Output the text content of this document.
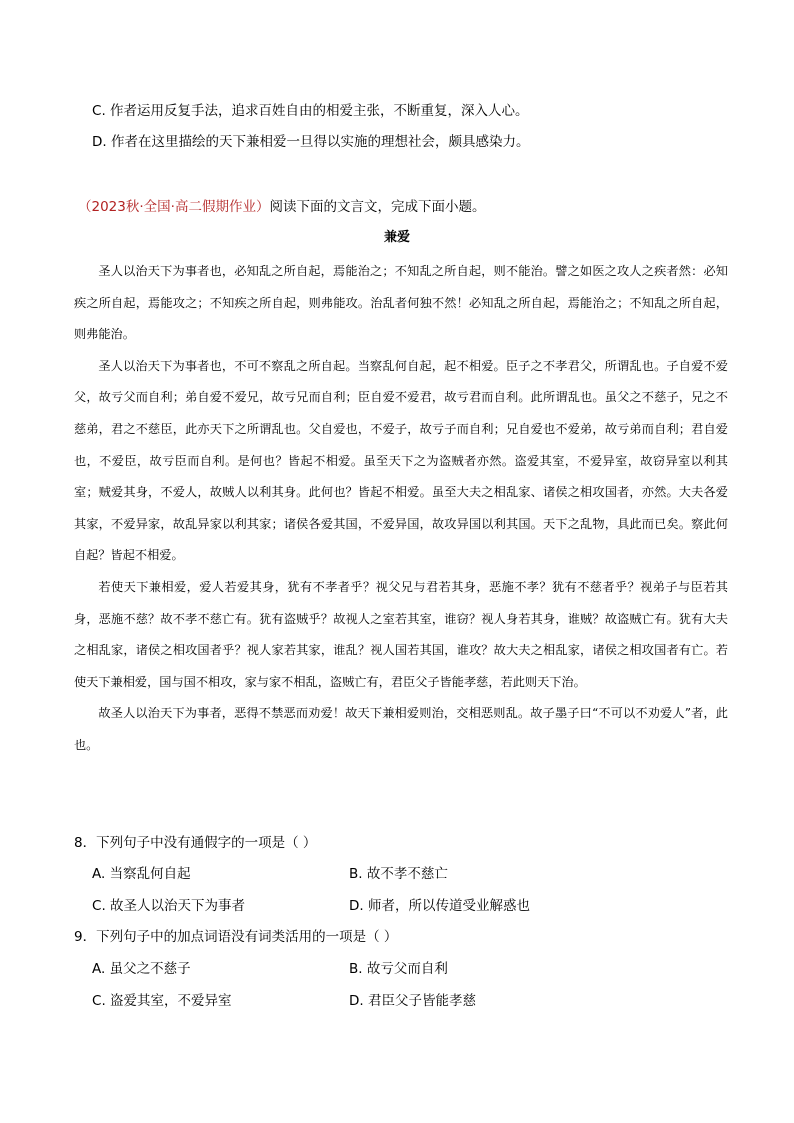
C. 作者运用反复手法，追求百姓自由的相爱主张，不断重复，深入人心。
D. 作者在这里描绘的天下兼相爱一旦得以实施的理想社会，颇具感染力。
（2023秋·全国·高二假期作业）阅读下面的文言文，完成下面小题。
兼爱

圣人以治天下为事者也，必知乱之所自起，焉能治之；不知乱之所自起，则不能治。譬之如医之攻人之疾者然：必知疾之所自起，焉能攻之；不知疾之所自起，则弗能攻。治乱者何独不然！必知乱之所自起，焉能治之；不知乱之所自起，则弗能治。

圣人以治天下为事者也，不可不察乱之所自起。当察乱何自起，起不相爱。臣子之不孝君父，所谓乱也。子自爱不爱父，故亏父而自利；弟自爱不爱兄，故亏兄而自利；臣自爱不爱君，故亏君而自利。此所谓乱也。虽父之不慈子，兄之不慈弟，君之不慈臣，此亦天下之所谓乱也。父自爱也，不爱子，故亏子而自利；兄自爱也不爱弟，故亏弟而自利；君自爱也，不爱臣，故亏臣而自利。是何也？皆起不相爱。虽至天下之为盗贼者亦然。盗爱其室，不爱异室，故窃异室以利其室；贼爱其身，不爱人，故贼人以利其身。此何也？皆起不相爱。虽至大夫之相乱家、诸侯之相攻国者，亦然。大夫各爱其家，不爱异家，故乱异家以利其家；诸侯各爱其国，不爱异国，故攻异国以利其国。天下之乱物，具此而已矣。察此何自起？皆起不相爱。

若使天下兼相爱，爱人若爱其身，犹有不孝者乎？视父兄与君若其身，恶施不孝？犹有不慈者乎？视弟子与臣若其身，恶施不慈？故不孝不慈亡有。犹有盗贼乎？故视人之室若其室，谁窃？视人身若其身，谁贼？故盗贼亡有。犹有大夫之相乱家，诸侯之相攻国者乎？视人家若其家，谁乱？视人国若其国，谁攻？故大夫之相乱家，诸侯之相攻国者有亡。若使天下兼相爱，国与国不相攻，家与家不相乱，盗贼亡有，君臣父子皆能孝慈，若此则天下治。

故圣人以治天下为事者，恶得不禁恶而劝爱！故天下兼相爱则治，交相恶则乱。故子墨子曰“不可以不劝爱人”者，此也。

8．下列句子中没有通假字的一项是（ ）
A. 当察乱何自起	B. 故不孝不慈亡
C. 故圣人以治天下为事者	D. 师者，所以传道受业解惑也
9．下列句子中的加点词语没有词类活用的一项是（ ）
A. 虽父之不慈子	B. 故亏父而自利
C. 盗爱其室，不爱异室	D. 君臣父子皆能孝慈
